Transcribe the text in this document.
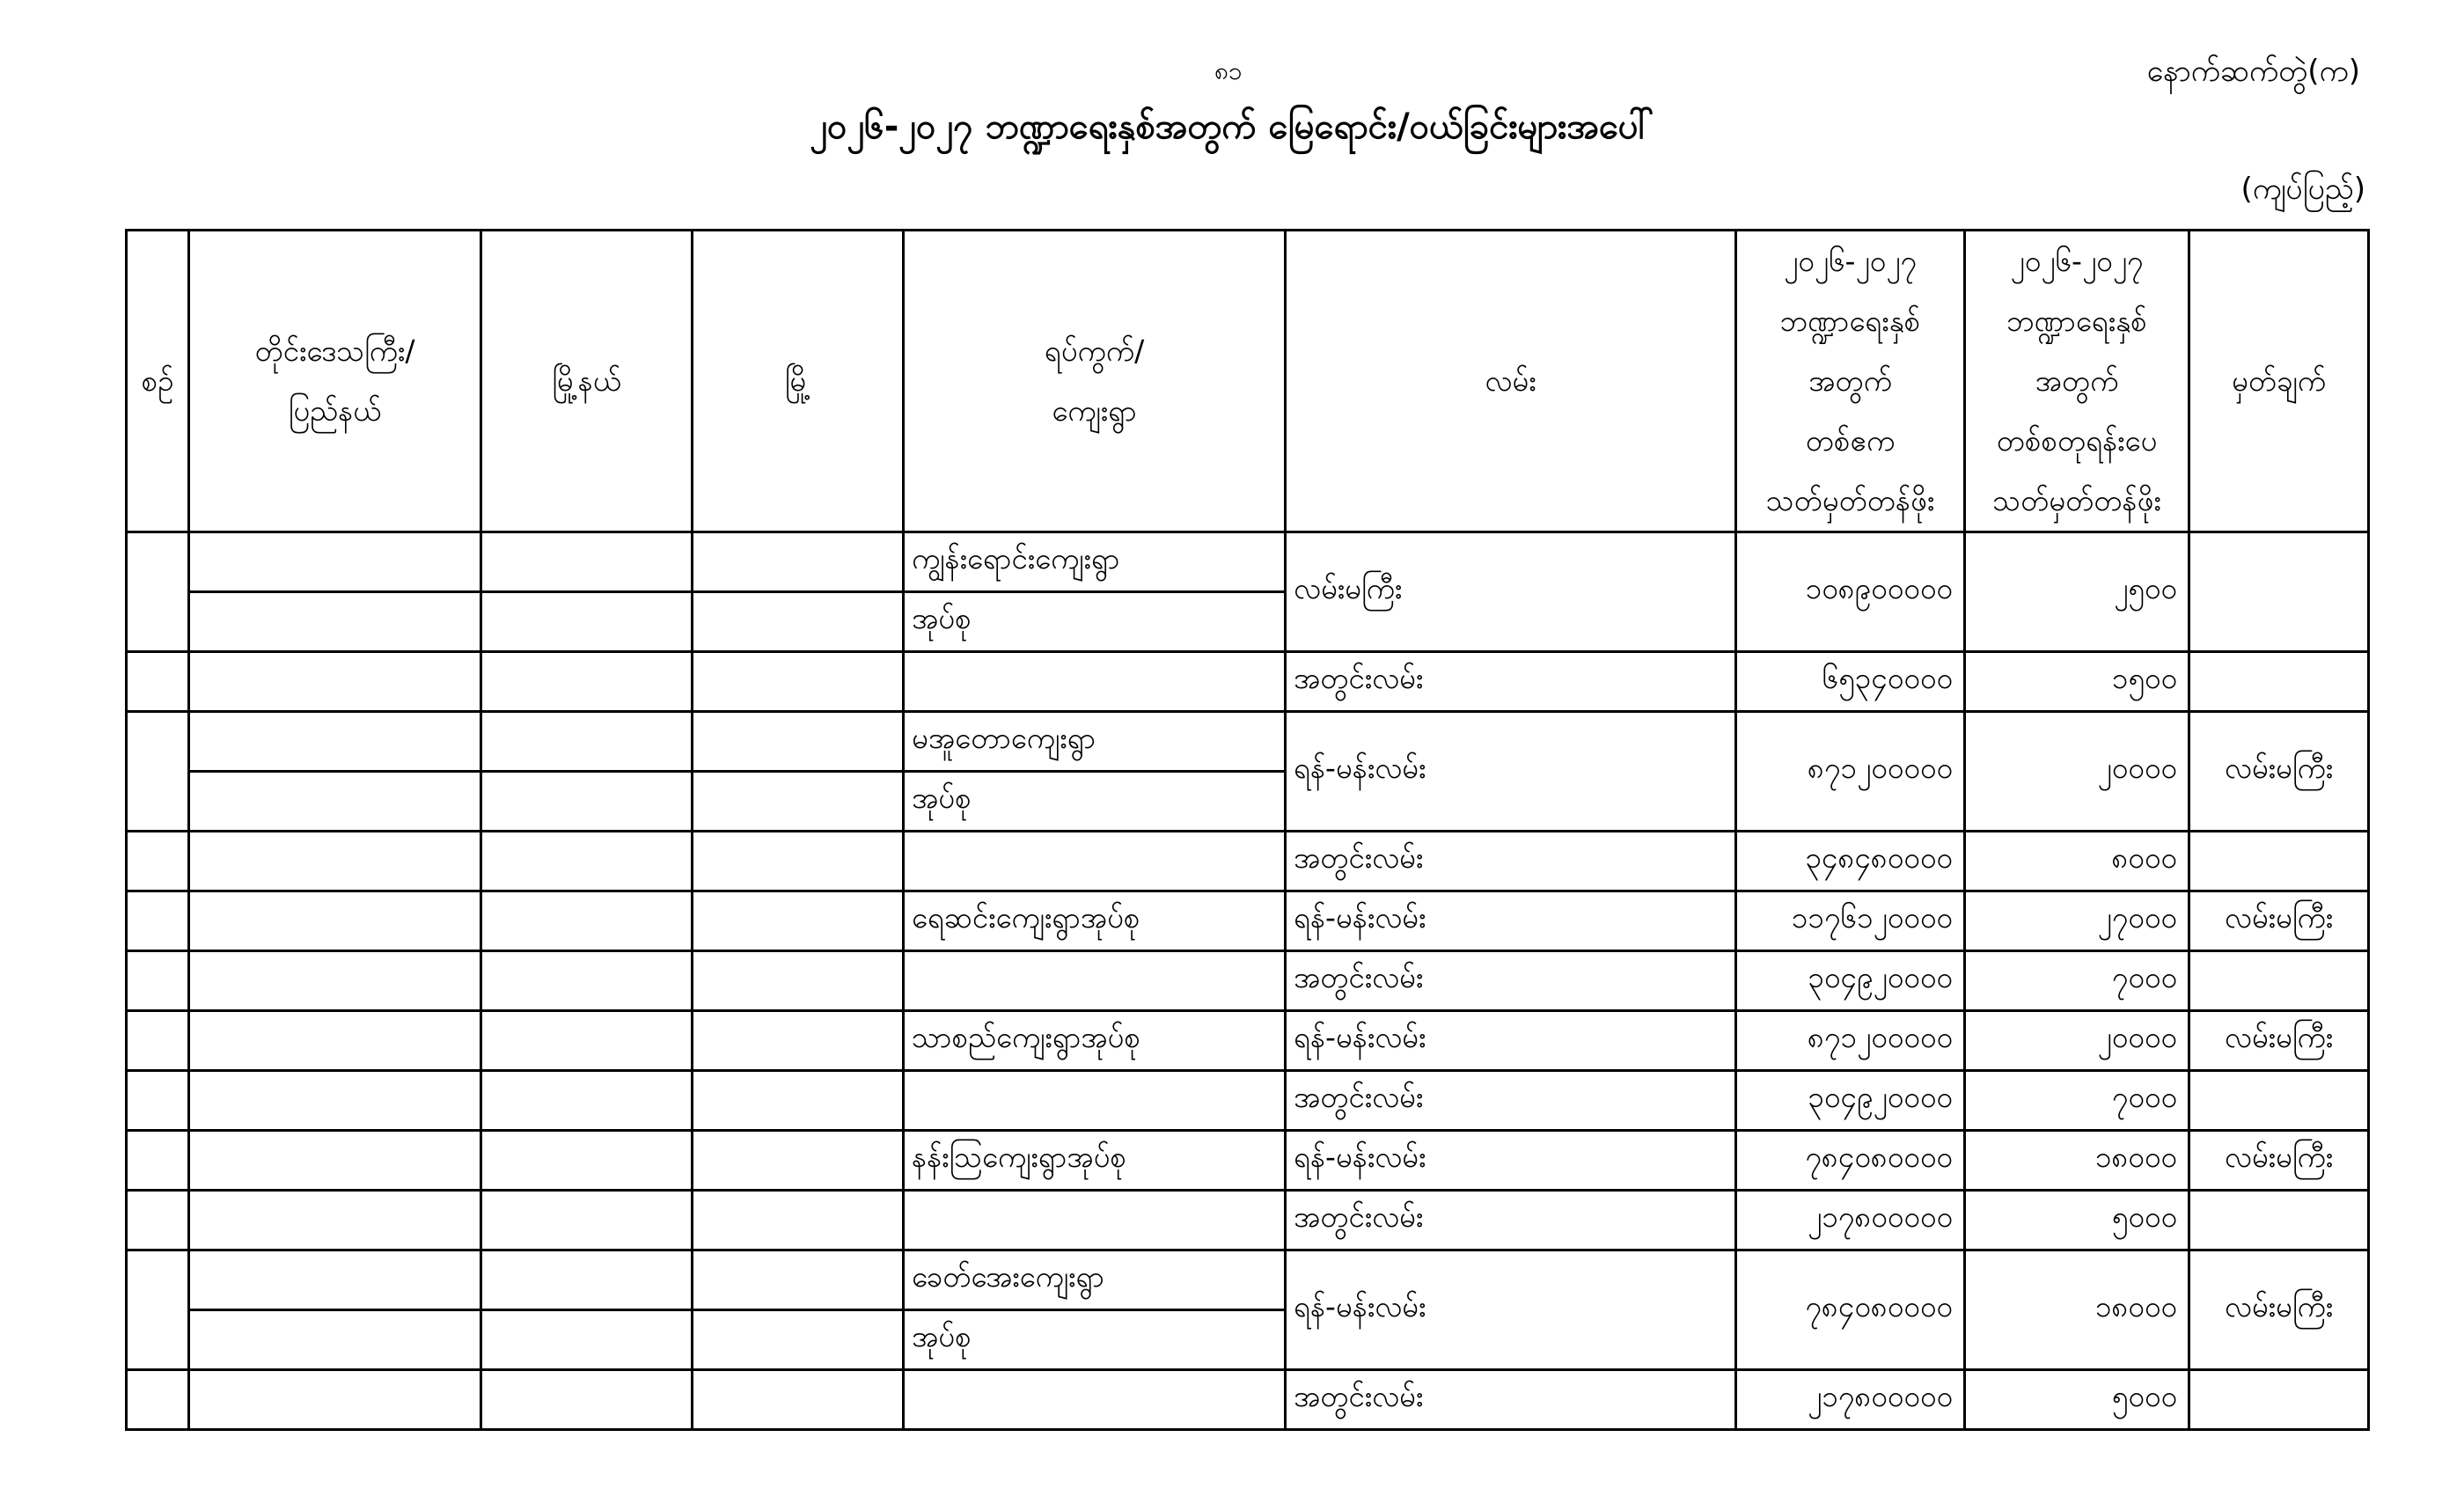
၈၁	နောက်ဆက်တွဲ(က)
၂၀၂၆-၂၀၂၇ ဘဏ္ဍာရေးနှစ်အတွက် မြေရောင်း/ဝယ်ခြင်းများအပေါ်
(ကျပ်ပြည့်)
စဉ်	တိုင်းဒေသကြီး/
ပြည်နယ်	မြို့နယ်	မြို့	ရပ်ကွက်/
ကျေးရွာ	လမ်း	၂၀၂၆-၂၀၂၇
ဘဏ္ဍာရေးနှစ်
အတွက်
တစ်ဧက
သတ်မှတ်တန်ဖိုး	၂၀၂၆-၂၀၂၇
ဘဏ္ဍာရေးနှစ်
အတွက်
တစ်စတုရန်းပေ
သတ်မှတ်တန်ဖိုး	မှတ်ချက်
				ကျွန်းရောင်းကျေးရွာ	လမ်းမကြီး	၁၀၈၉၀၀၀၀၀	၂၅၀၀	
				အုပ်စု				
					အတွင်းလမ်း	၆၅၃၄၀၀၀၀	၁၅၀၀	
				မအူတောကျေးရွာ	ရန်-မန်းလမ်း	၈၇၁၂၀၀၀၀၀	၂၀၀၀၀	လမ်းမကြီး
				အုပ်စု				
					အတွင်းလမ်း	၃၄၈၄၈၀၀၀၀	၈၀၀၀	
				ရေဆင်းကျေးရွာအုပ်စု	ရန်-မန်းလမ်း	၁၁၇၆၁၂၀၀၀၀	၂၇၀၀၀	လမ်းမကြီး
					အတွင်းလမ်း	၃၀၄၉၂၀၀၀၀	၇၀၀၀	
				သာစည်ကျေးရွာအုပ်စု	ရန်-မန်းလမ်း	၈၇၁၂၀၀၀၀၀	၂၀၀၀၀	လမ်းမကြီး
					အတွင်းလမ်း	၃၀၄၉၂၀၀၀၀	၇၀၀၀	
				နန်းသြကျေးရွာအုပ်စု	ရန်-မန်းလမ်း	၇၈၄၀၈၀၀၀၀	၁၈၀၀၀	လမ်းမကြီး
					အတွင်းလမ်း	၂၁၇၈၀၀၀၀၀	၅၀၀၀	
				ခေတ်အေးကျေးရွာ	ရန်-မန်းလမ်း	၇၈၄၀၈၀၀၀၀	၁၈၀၀၀	လမ်းမကြီး
				အုပ်စု				
					အတွင်းလမ်း	၂၁၇၈၀၀၀၀၀	၅၀၀၀	
